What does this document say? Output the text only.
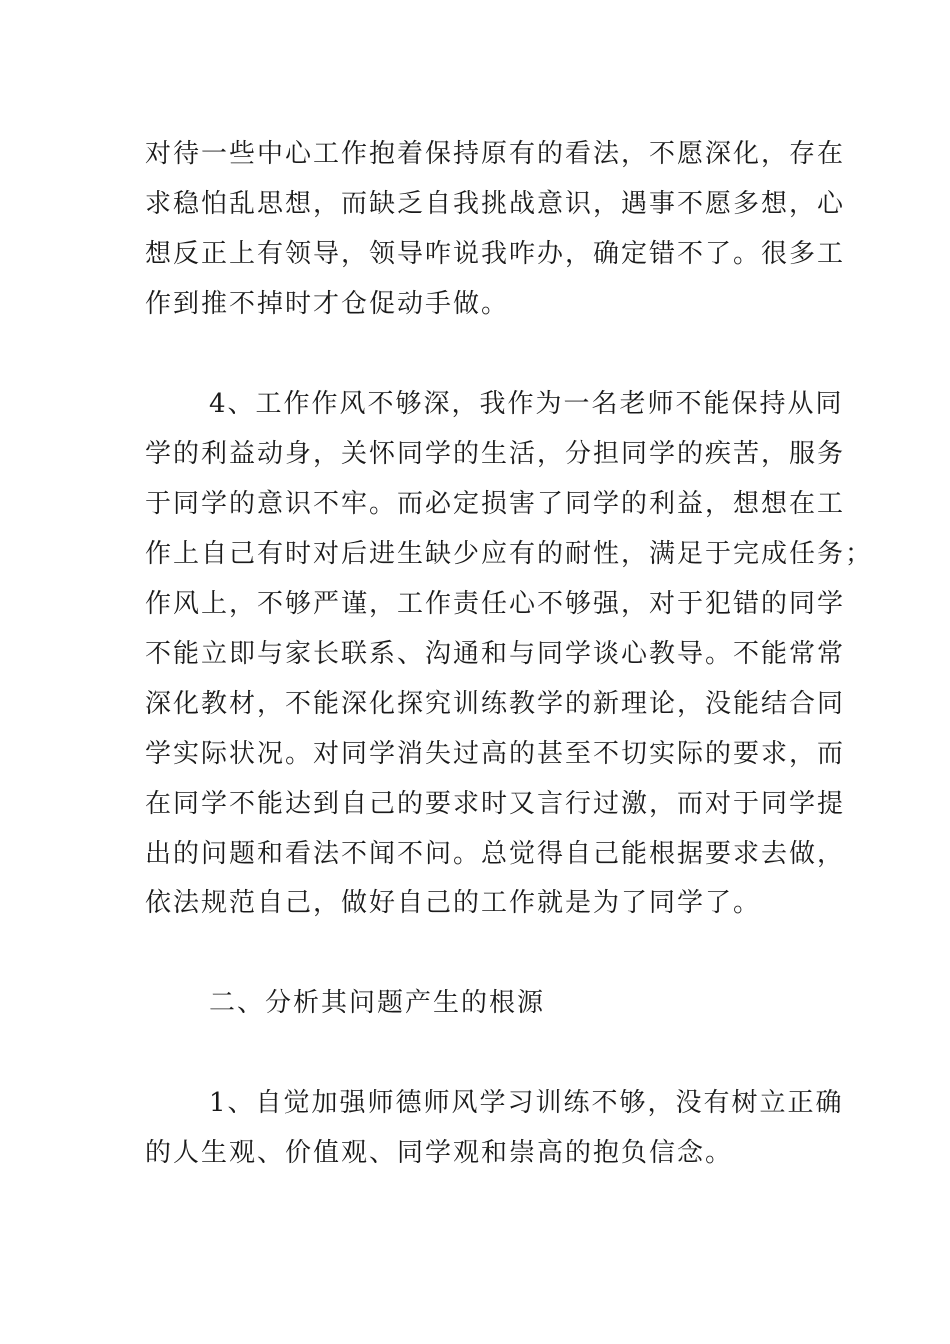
对待一些中心工作抱着保持原有的看法，不愿深化，存在
求稳怕乱思想，而缺乏自我挑战意识，遇事不愿多想，心
想反正上有领导，领导咋说我咋办，确定错不了。很多工
作到推不掉时才仓促动手做。
4、工作作风不够深，我作为一名老师不能保持从同
学的利益动身，关怀同学的生活，分担同学的疾苦，服务
于同学的意识不牢。而必定损害了同学的利益，想想在工
作上自己有时对后进生缺少应有的耐性，满足于完成任务；
作风上，不够严谨，工作责任心不够强，对于犯错的同学
不能立即与家长联系、沟通和与同学谈心教导。不能常常
深化教材，不能深化探究训练教学的新理论，没能结合同
学实际状况。对同学消失过高的甚至不切实际的要求，而
在同学不能达到自己的要求时又言行过激，而对于同学提
出的问题和看法不闻不问。总觉得自己能根据要求去做，
依法规范自己，做好自己的工作就是为了同学了。
二、分析其问题产生的根源
1、自觉加强师德师风学习训练不够，没有树立正确
的人生观、价值观、同学观和崇高的抱负信念。
